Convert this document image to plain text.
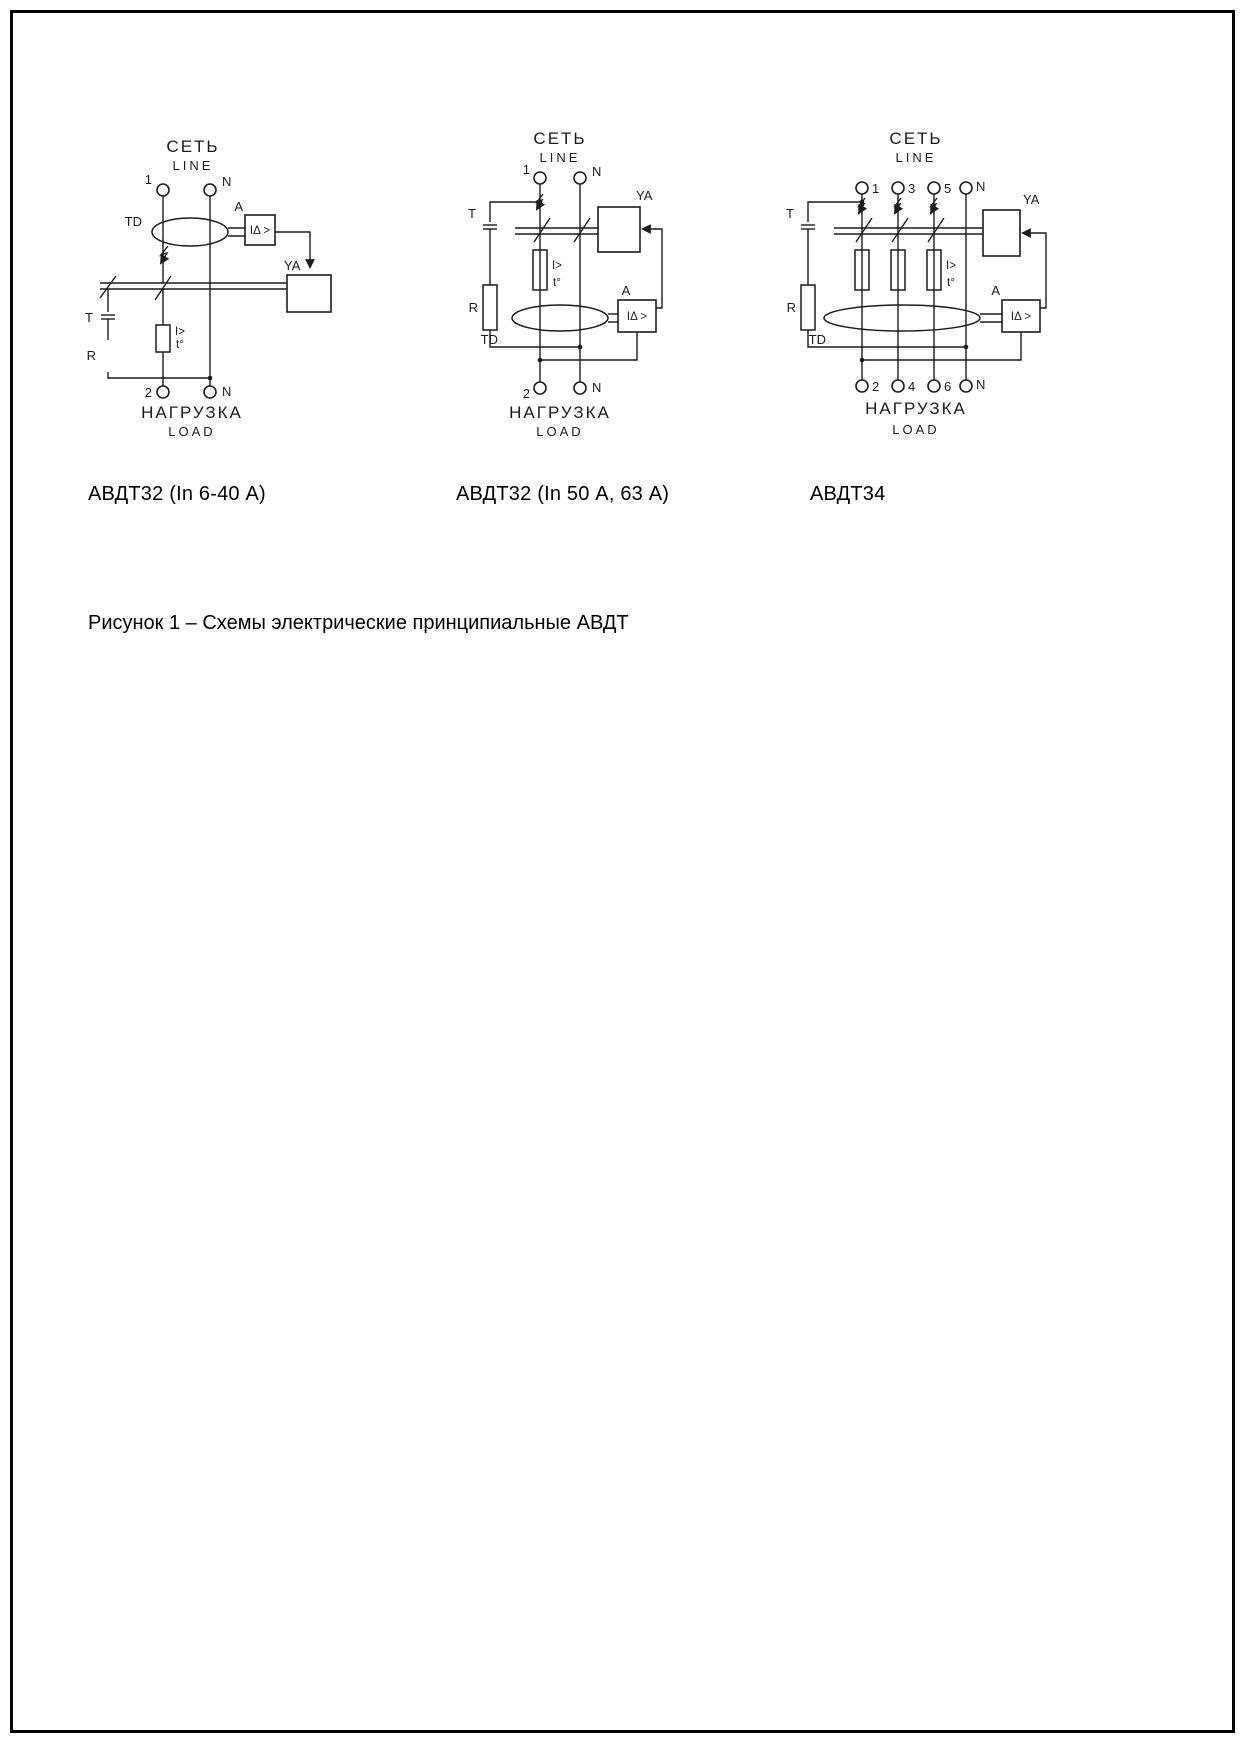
СЕТЬ
LINE
1	N
TD
A
IΔ >
YA
T
R
I>
t°
2	N
НАГРУЗКА
LOAD
СЕТЬ
LINE
1	N
T
R
YA
I>
t°	A
IΔ >
TD
2	N
НАГРУЗКА
LOAD
СЕТЬ
LINE
1 3 5 N
T
R
YA
I>
t°	A
IΔ >
TD
2 4 6 N
НАГРУЗКА
LOAD
АВДТ32 (In 6-40 А)	АВДТ32 (In 50 А, 63 А)	АВДТ34
Рисунок 1 – Схемы электрические принципиальные АВДТ
